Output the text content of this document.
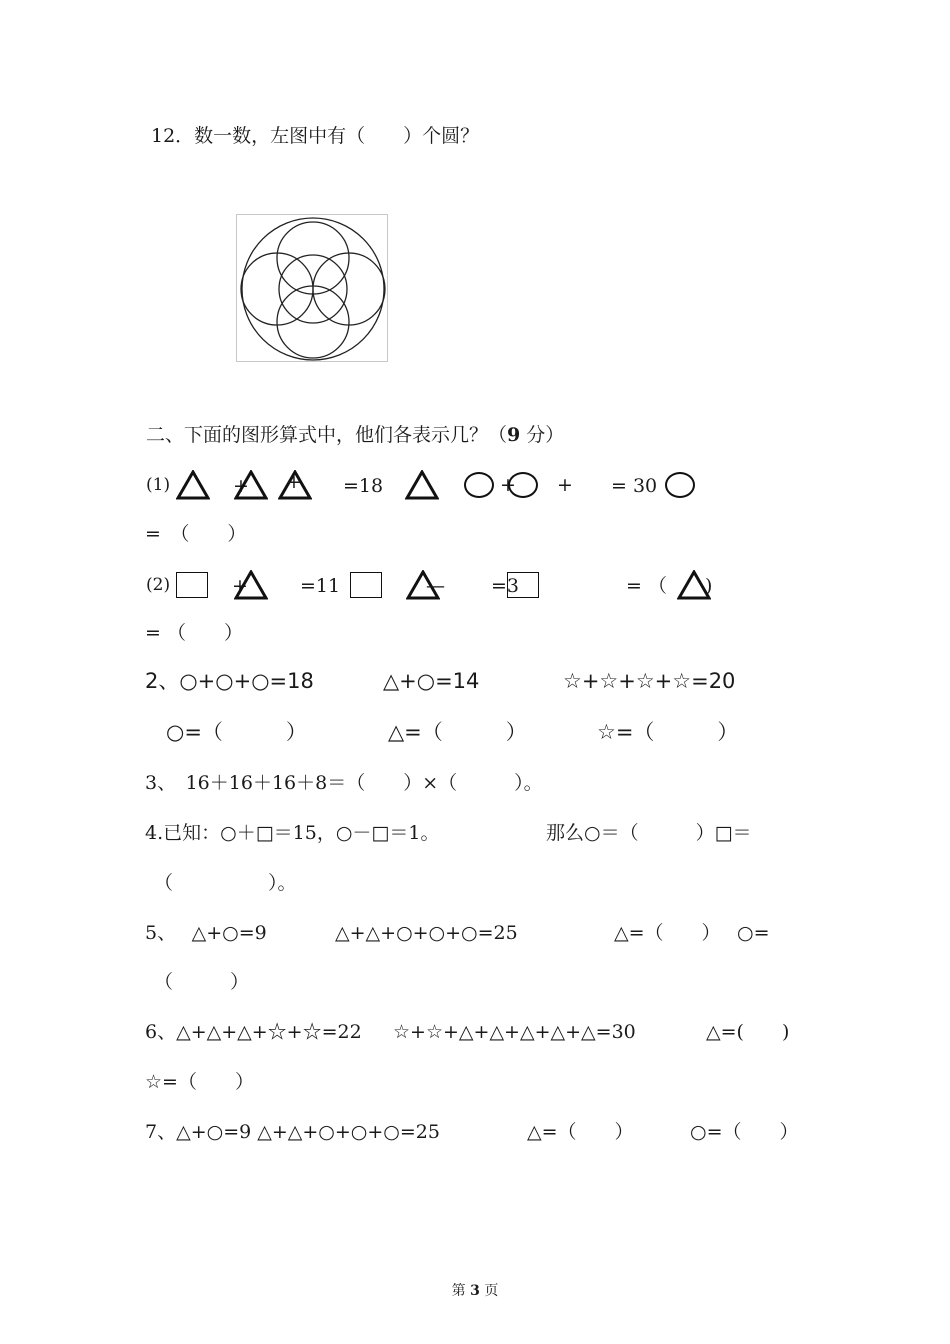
12．数一数，左图中有（　　）个圆？
二、下面的图形算式中，他们各表示几？（9 分）
(1)	+ + =18	+ + = 30
=　（　　）
(2)	+	=11	— =3	= （　　)
= （　　）
2、○+○+○=18	△+○=14	☆+☆+☆+☆=20
○=（　　　）	△=（　　　）	☆=（　　　）
3、　16＋16＋16＋8＝（　　）×（　　　）。
4.已知：○＋□＝15，○－□＝1。	那么○＝（　　　）□＝
（　　　　　）。
5、　 △+○=9	△+△+○+○+○=25	△=（　　） ○=
（　　　）
6、△+△+△+☆+☆=22 ☆+☆+△+△+△+△+△=30	△=(　　)
☆=（　　）
7、△+○=9 △+△+○+○+○=25	△=（　　）	○=（　　）
第 3 页
